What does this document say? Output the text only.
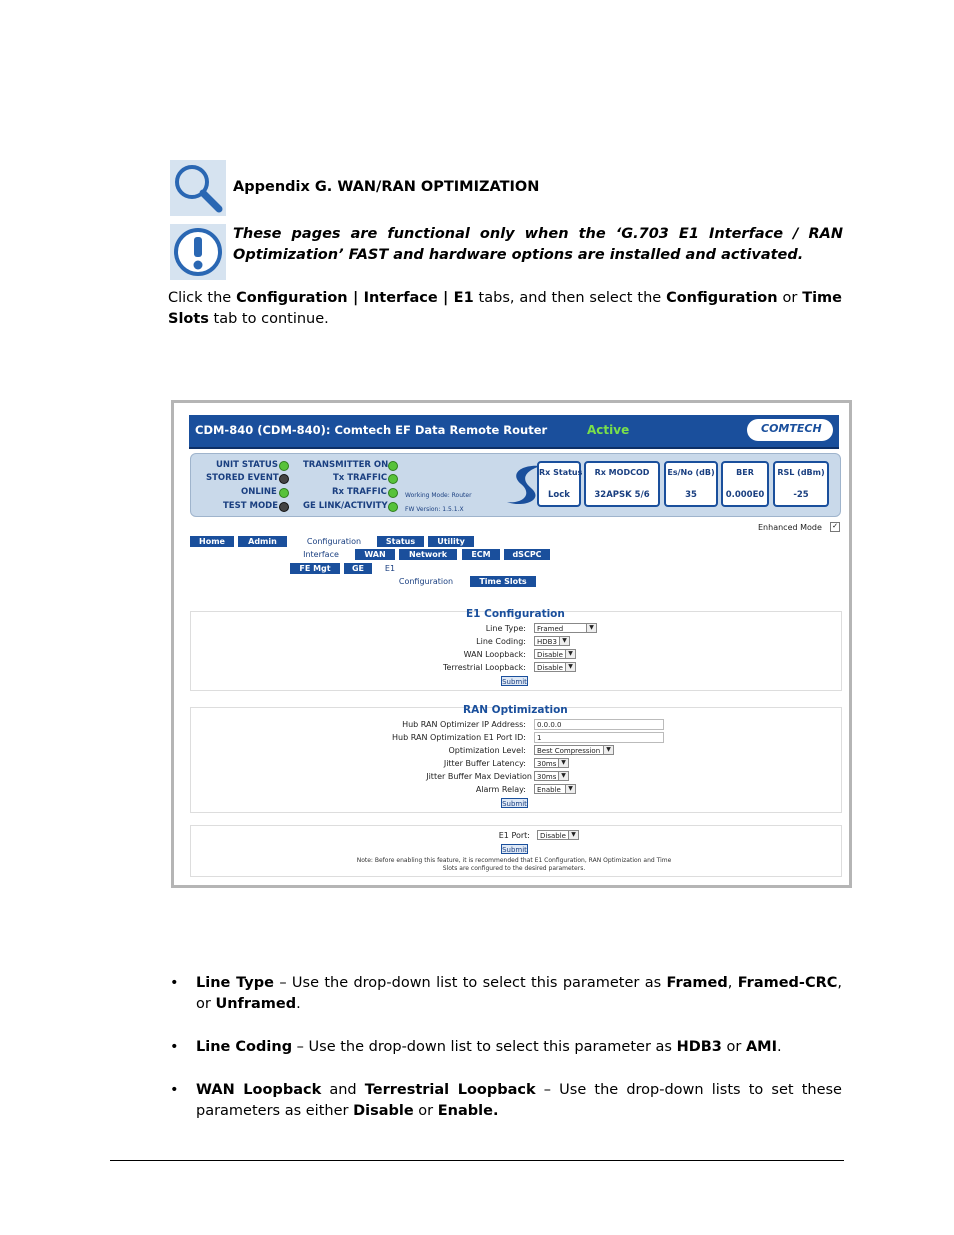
Appendix G. WAN/RAN OPTIMIZATION
These pages are functional only when the ‘G.703 E1 Interface / RAN Optimization’ FAST and hardware options are installed and activated.
Click the Configuration | Interface | E1 tabs, and then select the Configuration or Time Slots tab to continue.
CDM-840 (CDM-840): Comtech EF Data Remote Router	Active	COMTECH
UNIT STATUS
STORED EVENT
ONLINE
TEST MODE
TRANSMITTER ON
Tx TRAFFIC
Rx TRAFFIC
GE LINK/ACTIVITY
Working Mode: Router
FW Version: 1.5.1.X
Rx Status
Lock
Rx MODCOD
32APSK 5/6
Es/No (dB)
35
BER
0.000E0
RSL (dBm)
-25
Enhanced Mode ✓
Home	Admin	Configuration	Status	Utility
Interface	WAN	Network	ECM	dSCPC
FE Mgt	GE	E1
Configuration	Time Slots
E1 Configuration
Line Type:	Framed	▼
Line Coding:	HDB3 ▼
WAN Loopback:	Disable ▼
Terrestrial Loopback:	Disable ▼
Submit
RAN Optimization
Hub RAN Optimizer IP Address:	0.0.0.0
Hub RAN Optimization E1 Port ID:	1
Optimization Level:	Best Compression	▼
Jitter Buffer Latency:	30ms ▼
Jitter Buffer Max Deviation 30ms ▼
Alarm Relay:	Enable	▼
Submit
E1 Port:	Disable ▼
Submit
Note: Before enabling this feature, it is recommended that E1 Configuration, RAN Optimization and Time
Slots are configured to the desired parameters.
• Line Type – Use the drop-down list to select this parameter as Framed, Framed-CRC, or Unframed.
• Line Coding – Use the drop-down list to select this parameter as HDB3 or AMI.
• WAN Loopback and Terrestrial Loopback – Use the drop-down lists to set these parameters as either Disable or Enable.
